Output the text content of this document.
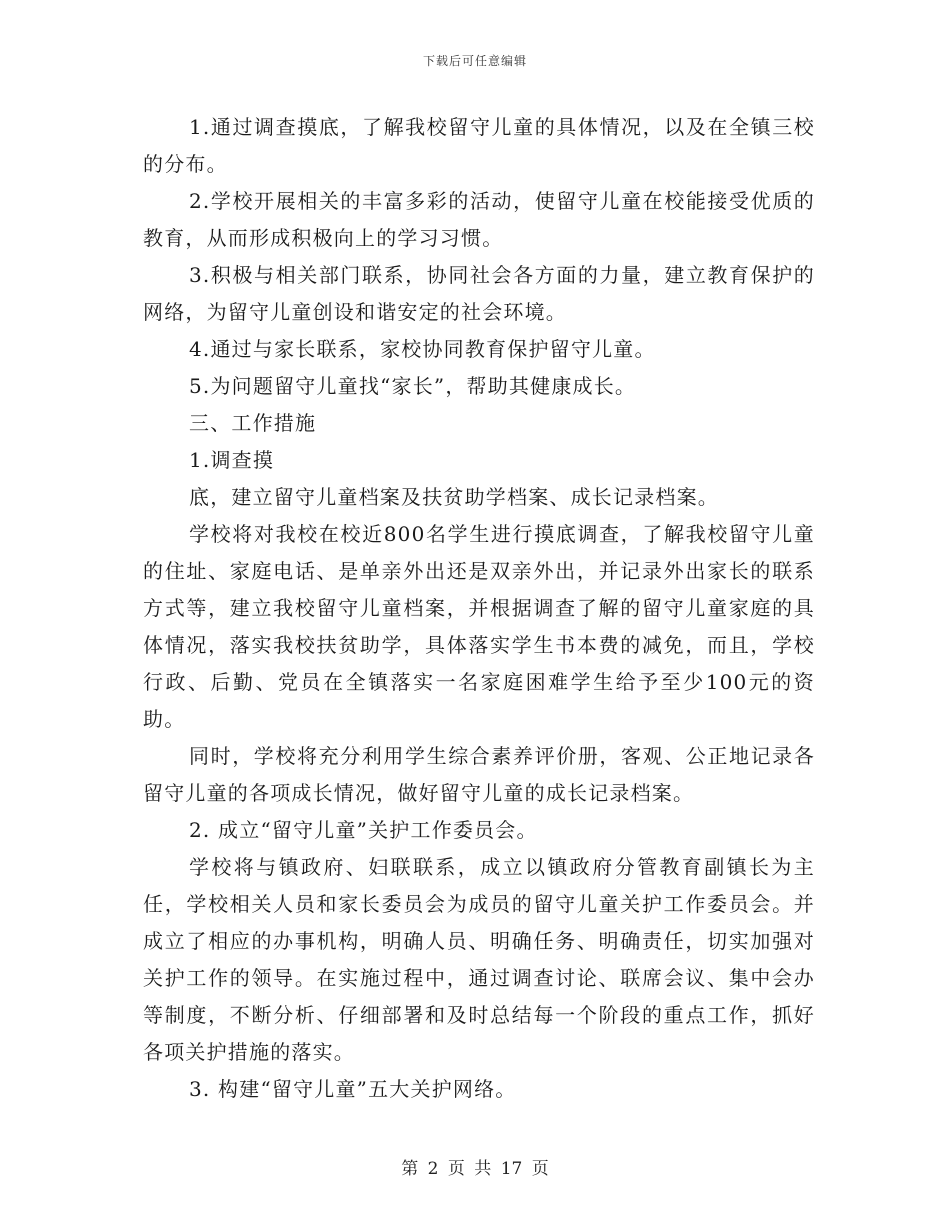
下载后可任意编辑

1.通过调查摸底，了解我校留守儿童的具体情况，以及在全镇三校的分布。

2.学校开展相关的丰富多彩的活动，使留守儿童在校能接受优质的教育，从而形成积极向上的学习习惯。

3.积极与相关部门联系，协同社会各方面的力量，建立教育保护的网络，为留守儿童创设和谐安定的社会环境。

4.通过与家长联系，家校协同教育保护留守儿童。

5.为问题留守儿童找“家长”，帮助其健康成长。

三、工作措施

1.调查摸

底，建立留守儿童档案及扶贫助学档案、成长记录档案。

学校将对我校在校近800名学生进行摸底调查，了解我校留守儿童的住址、家庭电话、是单亲外出还是双亲外出，并记录外出家长的联系方式等，建立我校留守儿童档案，并根据调查了解的留守儿童家庭的具体情况，落实我校扶贫助学，具体落实学生书本费的减免，而且，学校行政、后勤、党员在全镇落实一名家庭困难学生给予至少100元的资助。

同时，学校将充分利用学生综合素养评价册，客观、公正地记录各留守儿童的各项成长情况，做好留守儿童的成长记录档案。

2. 成立“留守儿童”关护工作委员会。

学校将与镇政府、妇联联系，成立以镇政府分管教育副镇长为主任，学校相关人员和家长委员会为成员的留守儿童关护工作委员会。并成立了相应的办事机构，明确人员、明确任务、明确责任，切实加强对关护工作的领导。在实施过程中，通过调查讨论、联席会议、集中会办等制度，不断分析、仔细部署和及时总结每一个阶段的重点工作，抓好各项关护措施的落实。

3. 构建“留守儿童”五大关护网络。

第 2 页 共 17 页
